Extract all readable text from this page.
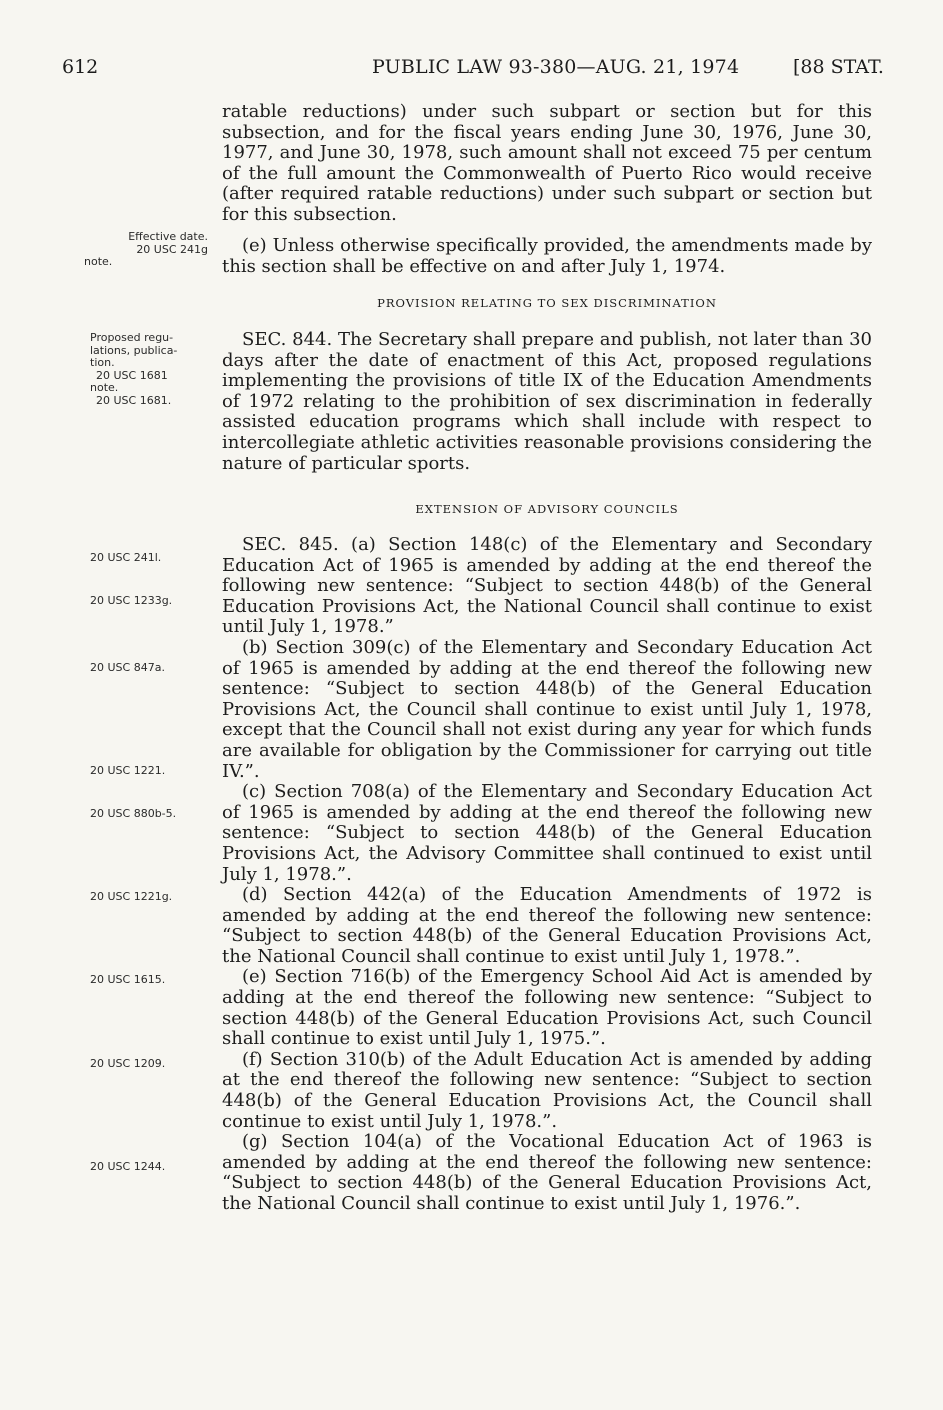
612	PUBLIC LAW 93-380—AUG. 21, 1974	[88 STAT.

ratable reductions) under such subpart or section but for this subsection, and for the fiscal years ending June 30, 1976, June 30, 1977, and June 30, 1978, such amount shall not exceed 75 per centum of the full amount the Commonwealth of Puerto Rico would receive (after required ratable reductions) under such subpart or section but for this subsection.

(e) Unless otherwise specifically provided, the amendments made by this section shall be effective on and after July 1, 1974.

PROVISION RELATING TO SEX DISCRIMINATION

SEC. 844. The Secretary shall prepare and publish, not later than 30 days after the date of enactment of this Act, proposed regulations implementing the provisions of title IX of the Education Amendments of 1972 relating to the prohibition of sex discrimination in federally assisted education programs which shall include with respect to intercollegiate athletic activities reasonable provisions considering the nature of particular sports.

EXTENSION OF ADVISORY COUNCILS

SEC. 845. (a) Section 148(c) of the Elementary and Secondary Education Act of 1965 is amended by adding at the end thereof the following new sentence: “Subject to section 448(b) of the General Education Provisions Act, the National Council shall continue to exist until July 1, 1978.”

(b) Section 309(c) of the Elementary and Secondary Education Act of 1965 is amended by adding at the end thereof the following new sentence: “Subject to section 448(b) of the General Education Provisions Act, the Council shall continue to exist until July 1, 1978, except that the Council shall not exist during any year for which funds are available for obligation by the Commissioner for carrying out title IV.”.

(c) Section 708(a) of the Elementary and Secondary Education Act of 1965 is amended by adding at the end thereof the following new sentence: “Subject to section 448(b) of the General Education Provisions Act, the Advisory Committee shall continued to exist until July 1, 1978.”.

(d) Section 442(a) of the Education Amendments of 1972 is amended by adding at the end thereof the following new sentence: “Subject to section 448(b) of the General Education Provisions Act, the National Council shall continue to exist until July 1, 1978.”.

(e) Section 716(b) of the Emergency School Aid Act is amended by adding at the end thereof the following new sentence: “Subject to section 448(b) of the General Education Provisions Act, such Council shall continue to exist until July 1, 1975.”.

(f) Section 310(b) of the Adult Education Act is amended by adding at the end thereof the following new sentence: “Subject to section 448(b) of the General Education Provisions Act, the Council shall continue to exist until July 1, 1978.”.

(g) Section 104(a) of the Vocational Education Act of 1963 is amended by adding at the end thereof the following new sentence: “Subject to section 448(b) of the General Education Provisions Act, the National Council shall continue to exist until July 1, 1976.”.

Effective date.
20 USC 241g
note.
Proposed regu-
lations, publica-
tion.
20 USC 1681
note.
20 USC 1681.
20 USC 241l.
20 USC 1233g.
20 USC 847a.
20 USC 1221.
20 USC 880b-5.
20 USC 1221g.
20 USC 1615.
20 USC 1209.
20 USC 1244.
